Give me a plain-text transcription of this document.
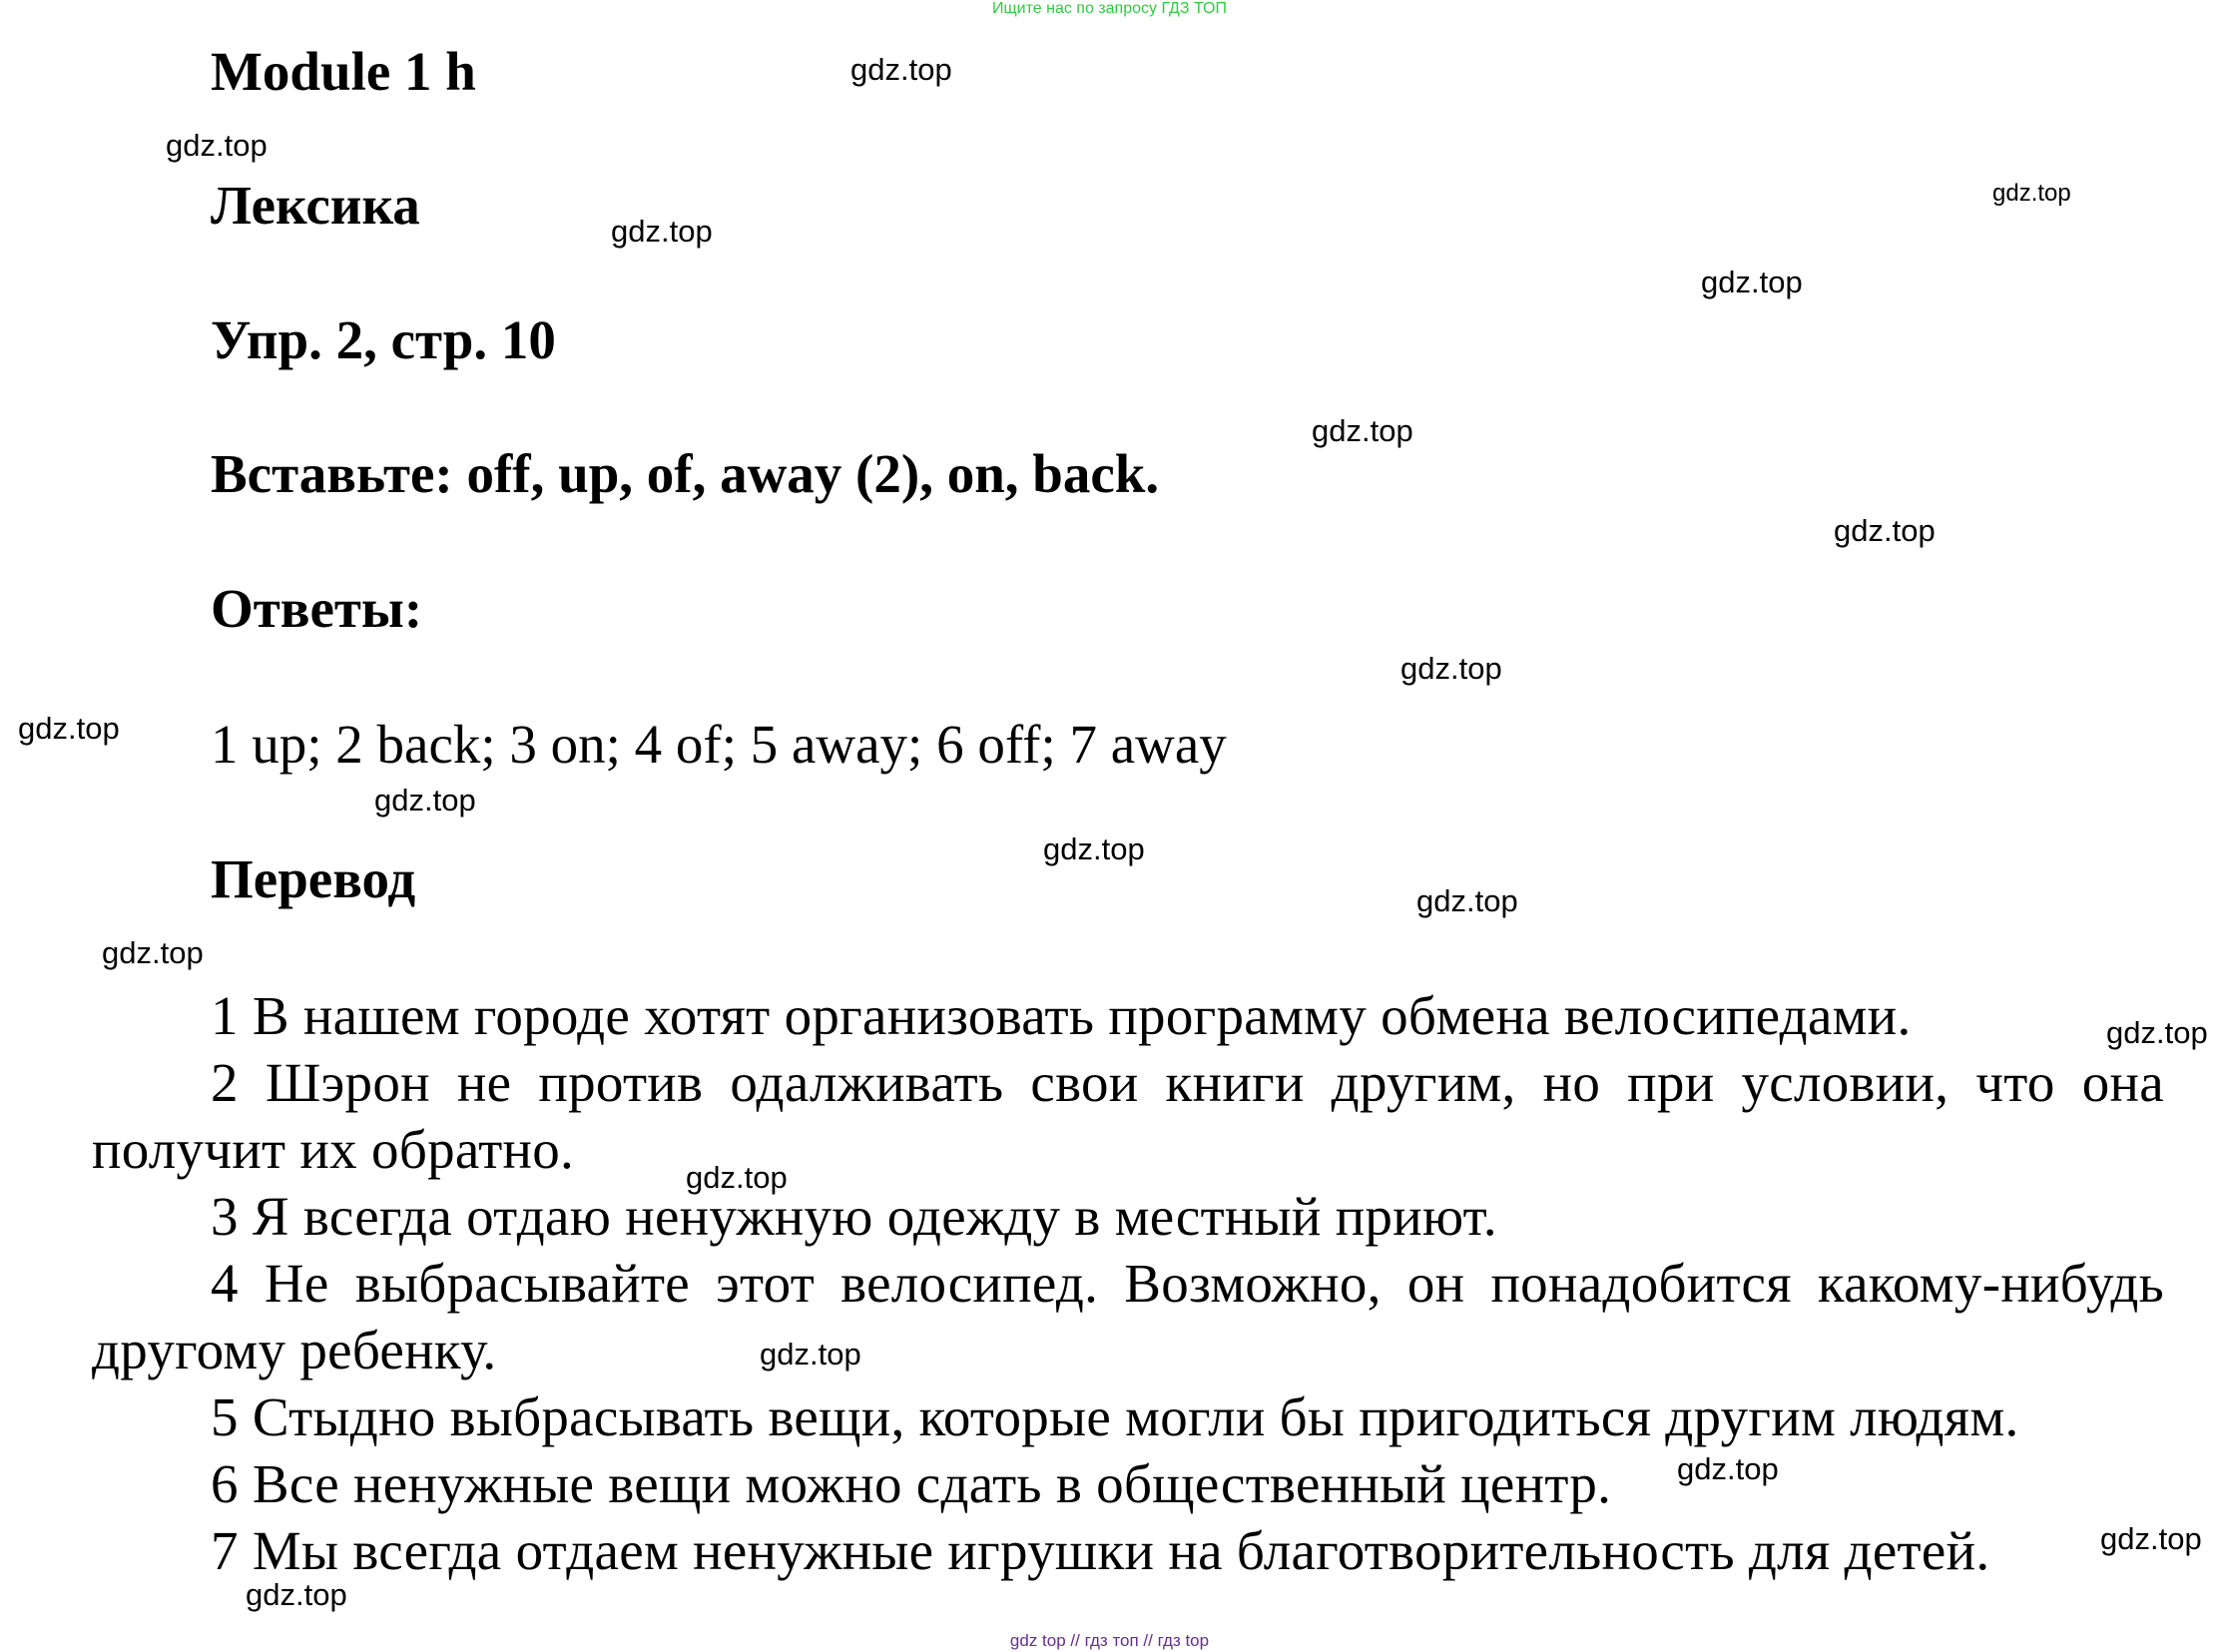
Ищите нас по запросу ГДЗ ТОП
Module 1 h
Лексика
Упр. 2, стр. 10
Вставьте: off, up, of, away (2), on, back.
Ответы:
1 up; 2 back; 3 on; 4 of; 5 away; 6 off; 7 away
Перевод

1 В нашем городе хотят организовать программу обмена велосипедами.

2 Шэрон не против одалживать свои книги другим, но при условии, что она получит их обратно.

3 Я всегда отдаю ненужную одежду в местный приют.

4 Не выбрасывайте этот велосипед. Возможно, он понадобится какому-нибудь другому ребенку.

5 Стыдно выбрасывать вещи, которые могли бы пригодиться другим людям.

6 Все ненужные вещи можно сдать в общественный центр.

7 Мы всегда отдаем ненужные игрушки на благотворительность для детей.

gdz.top
gdz.top
gdz.top
gdz.top
gdz.top
gdz.top
gdz.top
gdz.top
gdz.top
gdz.top
gdz.top
gdz.top
gdz.top
gdz.top
gdz.top
gdz.top
gdz.top
gdz.top
gdz.top
gdz top // гдз топ // гдз top
